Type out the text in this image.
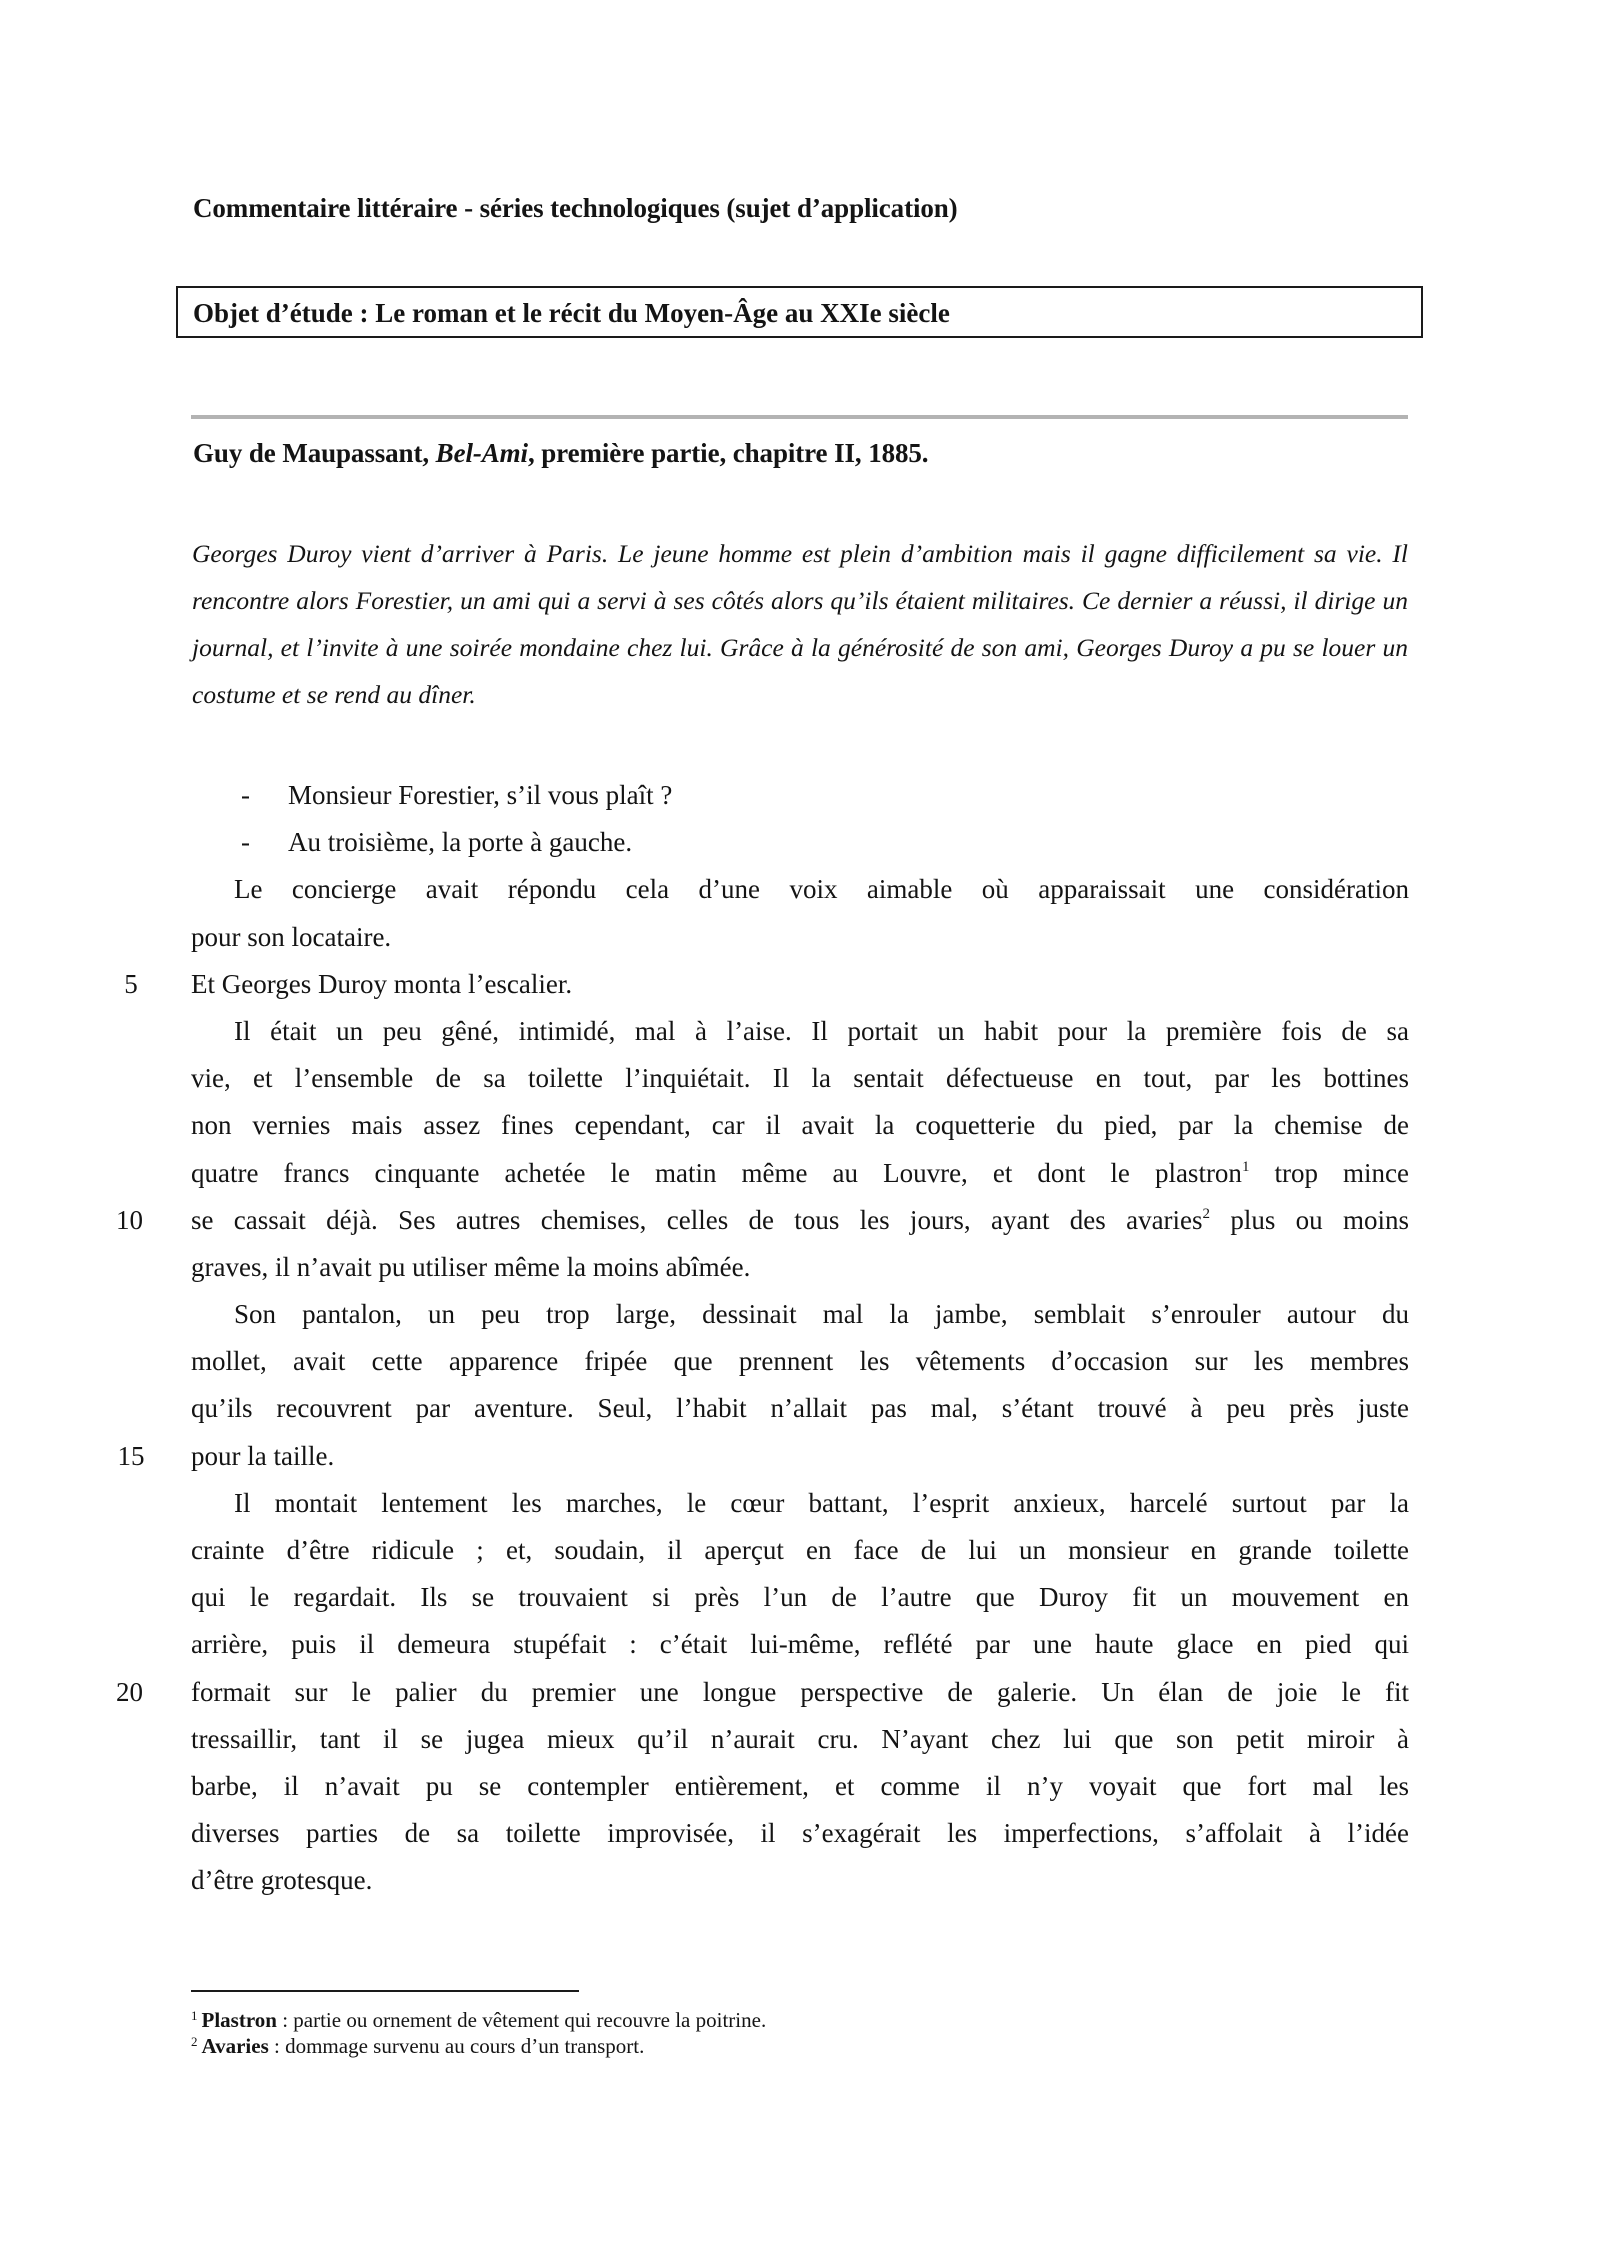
Commentaire littéraire - séries technologiques (sujet d’application)
Objet d’étude : Le roman et le récit du Moyen-Âge au XXIe siècle
Guy de Maupassant, Bel-Ami, première partie, chapitre II, 1885.
Georges Duroy vient d’arriver à Paris. Le jeune homme est plein d’ambition mais il gagne difficilement sa vie. Il rencontre alors Forestier, un ami qui a servi à ses côtés alors qu’ils étaient militaires. Ce dernier a réussi, il dirige un journal, et l’invite à une soirée mondaine chez lui. Grâce à la générosité de son ami, Georges Duroy a pu se louer un costume et se rend au dîner.
- Monsieur Forestier, s’il vous plaît ?
- Au troisième, la porte à gauche.
Le concierge avait répondu cela d’une voix aimable où apparaissait une considération
pour son locataire.
5	Et Georges Duroy monta l’escalier.
Il était un peu gêné, intimidé, mal à l’aise. Il portait un habit pour la première fois de sa
vie, et l’ensemble de sa toilette l’inquiétait. Il la sentait défectueuse en tout, par les bottines
non vernies mais assez fines cependant, car il avait la coquetterie du pied, par la chemise de
quatre francs cinquante achetée le matin même au Louvre, et dont le plastron$^1$ trop mince
10 se cassait déjà. Ses autres chemises, celles de tous les jours, ayant des avaries$^2$ plus ou moins
graves, il n’avait pu utiliser même la moins abîmée.
Son pantalon, un peu trop large, dessinait mal la jambe, semblait s’enrouler autour du
mollet, avait cette apparence fripée que prennent les vêtements d’occasion sur les membres
qu’ils recouvrent par aventure. Seul, l’habit n’allait pas mal, s’étant trouvé à peu près juste
15 pour la taille.
Il montait lentement les marches, le cœur battant, l’esprit anxieux, harcelé surtout par la
crainte d’être ridicule ; et, soudain, il aperçut en face de lui un monsieur en grande toilette
qui le regardait. Ils se trouvaient si près l’un de l’autre que Duroy fit un mouvement en
arrière, puis il demeura stupéfait : c’était lui-même, reflété par une haute glace en pied qui
20 formait sur le palier du premier une longue perspective de galerie. Un élan de joie le fit
tressaillir, tant il se jugea mieux qu’il n’aurait cru. N’ayant chez lui que son petit miroir à
barbe, il n’avait pu se contempler entièrement, et comme il n’y voyait que fort mal les
diverses parties de sa toilette improvisée, il s’exagérait les imperfections, s’affolait à l’idée
d’être grotesque.
$^1$ Plastron : partie ou ornement de vêtement qui recouvre la poitrine.
$^2$ Avaries : dommage survenu au cours d’un transport.
